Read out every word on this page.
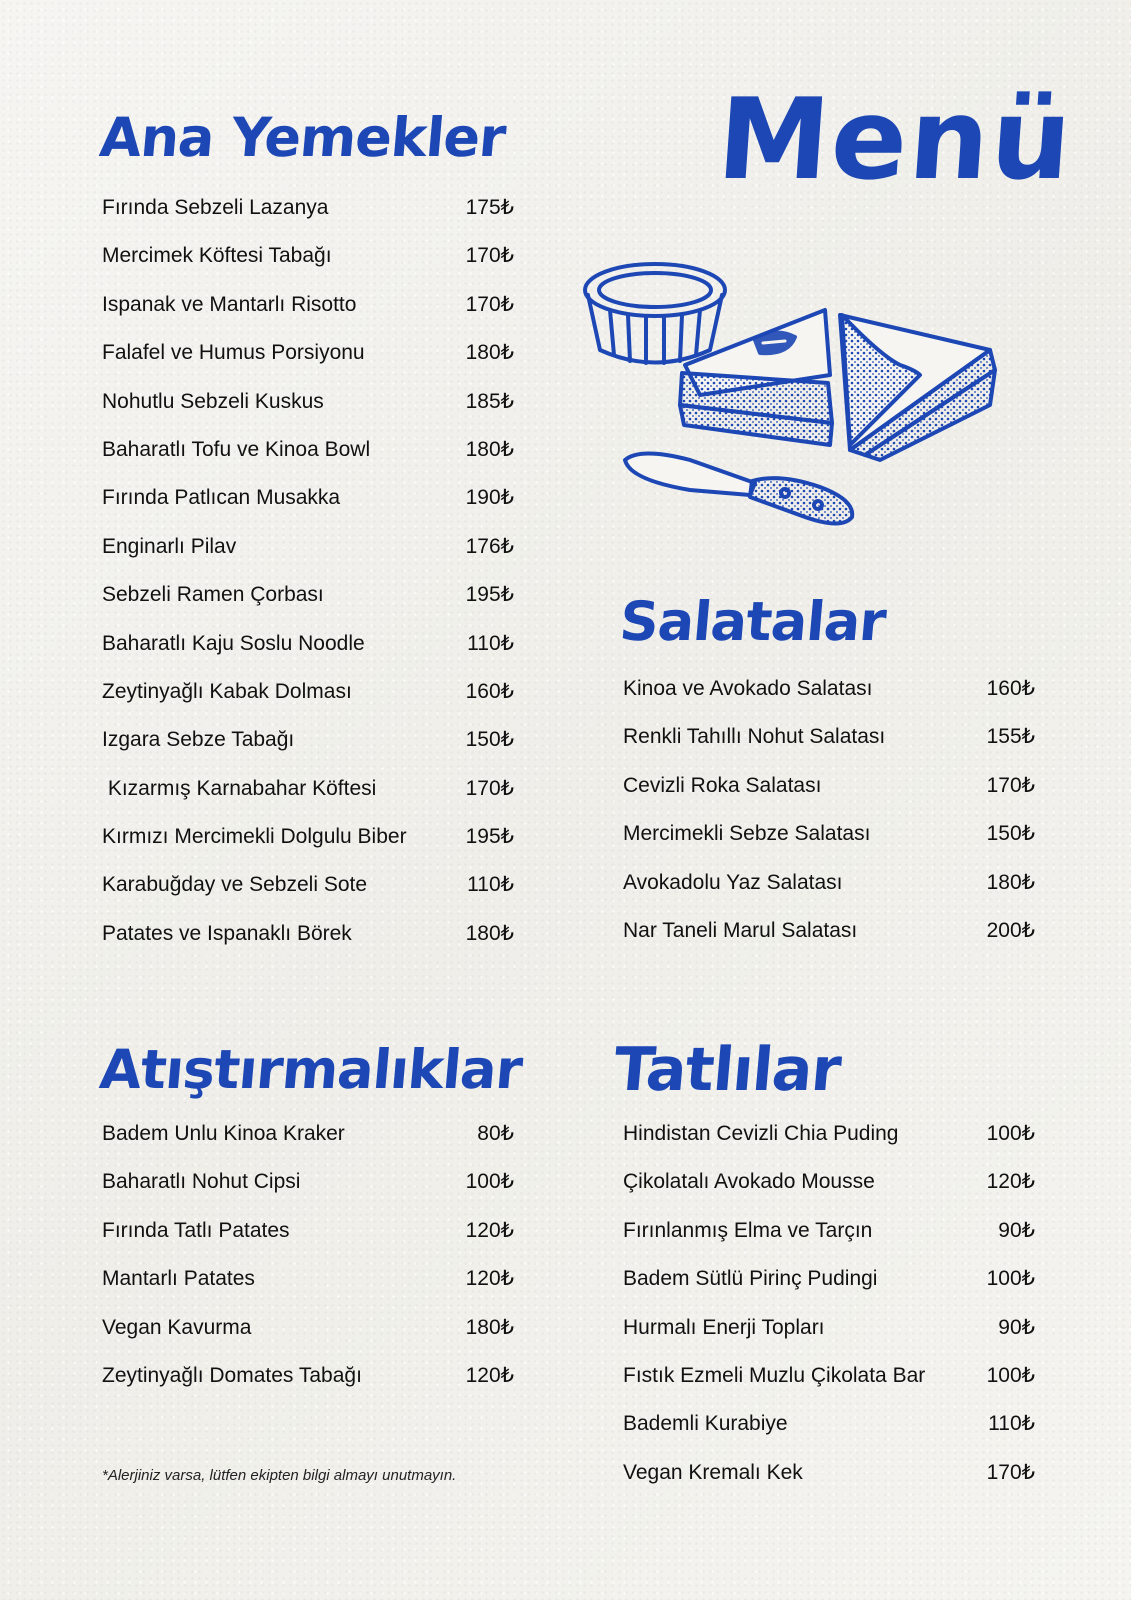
Menü
Ana Yemekler
Fırında Sebzeli Lazanya	175₺
Mercimek Köftesi Tabağı	170₺
Ispanak ve Mantarlı Risotto	170₺
Falafel ve Humus Porsiyonu	180₺
Nohutlu Sebzeli Kuskus	185₺
Baharatlı Tofu ve Kinoa Bowl	180₺
Fırında Patlıcan Musakka	190₺
Enginarlı Pilav	176₺
Sebzeli Ramen Çorbası	195₺
Baharatlı Kaju Soslu Noodle	110₺
Zeytinyağlı Kabak Dolması	160₺
Izgara Sebze Tabağı	150₺
Kızarmış Karnabahar Köftesi	170₺
Kırmızı Mercimekli Dolgulu Biber	195₺
Karabuğday ve Sebzeli Sote	110₺
Patates ve Ispanaklı Börek	180₺
Salatalar
Kinoa ve Avokado Salatası	160₺
Renkli Tahıllı Nohut Salatası	155₺
Cevizli Roka Salatası	170₺
Mercimekli Sebze Salatası	150₺
Avokadolu Yaz Salatası	180₺
Nar Taneli Marul Salatası	200₺
Atıştırmalıklar
Badem Unlu Kinoa Kraker	80₺
Baharatlı Nohut Cipsi	100₺
Fırında Tatlı Patates	120₺
Mantarlı Patates	120₺
Vegan Kavurma	180₺
Zeytinyağlı Domates Tabağı	120₺
Tatlılar
Hindistan Cevizli Chia Puding	100₺
Çikolatalı Avokado Mousse	120₺
Fırınlanmış Elma ve Tarçın	90₺
Badem Sütlü Pirinç Pudingi	100₺
Hurmalı Enerji Topları	90₺
Fıstık Ezmeli Muzlu Çikolata Bar	100₺
Bademli Kurabiye	110₺
Vegan Kremalı Kek	170₺

*Alerjiniz varsa, lütfen ekipten bilgi almayı unutmayın.
